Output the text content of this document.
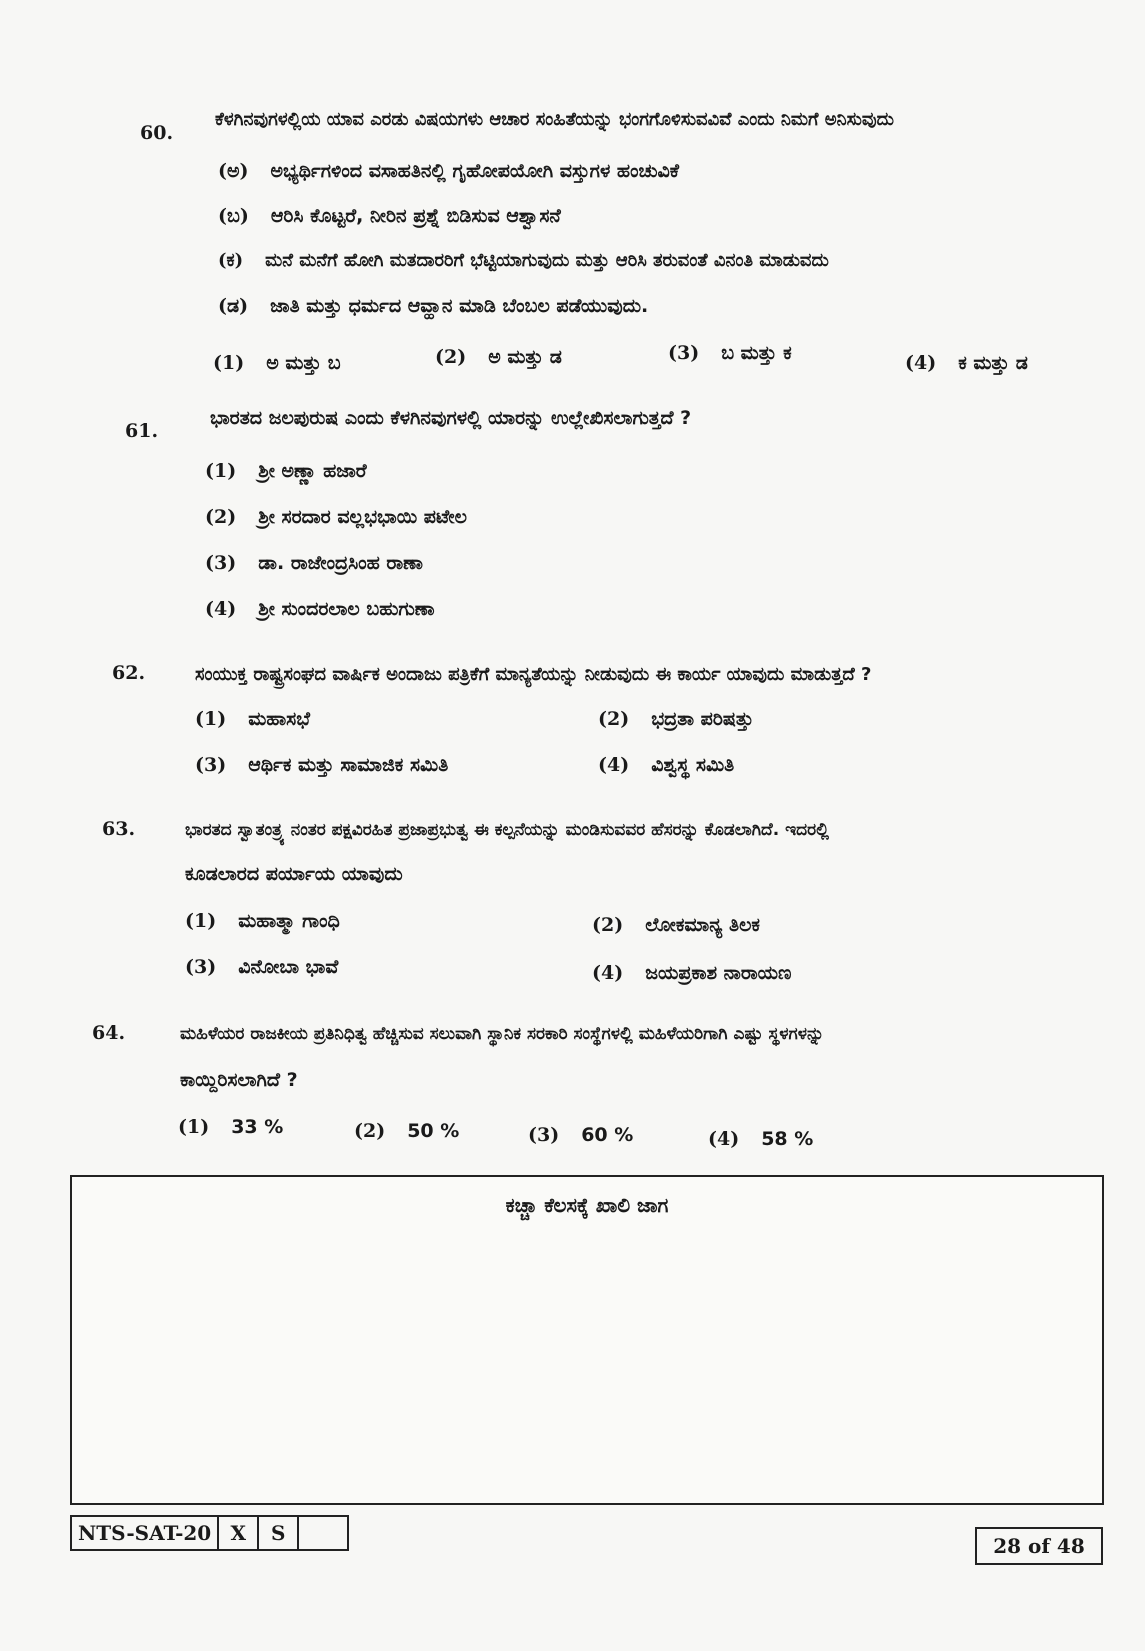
60.
ಕೆಳಗಿನವುಗಳಲ್ಲಿಯ ಯಾವ ಎರಡು ವಿಷಯಗಳು ಆಚಾರ ಸಂಹಿತೆಯನ್ನು ಭಂಗಗೊಳಿಸುವವಿವೆ ಎಂದು ನಿಮಗೆ ಅನಿಸುವುದು
(ಅ) ಅಭ್ಯರ್ಥಿಗಳಿಂದ ವಸಾಹತಿನಲ್ಲಿ ಗೃಹೋಪಯೋಗಿ ವಸ್ತುಗಳ ಹಂಚುವಿಕೆ
(ಬ) ಆರಿಸಿ ಕೊಟ್ಟರೆ, ನೀರಿನ ಪ್ರಶ್ನೆ ಬಿಡಿಸುವ ಆಶ್ವಾಸನೆ
(ಕ) ಮನೆ ಮನೆಗೆ ಹೋಗಿ ಮತದಾರರಿಗೆ ಭೆಟ್ಟಿಯಾಗುವುದು ಮತ್ತು ಆರಿಸಿ ತರುವಂತೆ ವಿನಂತಿ ಮಾಡುವದು
(ಡ) ಜಾತಿ ಮತ್ತು ಧರ್ಮದ ಆವ್ಹಾನ ಮಾಡಿ ಬೆಂಬಲ ಪಡೆಯುವುದು.
(1) ಅ ಮತ್ತು ಬ	(2) ಅ ಮತ್ತು ಡ	(3) ಬ ಮತ್ತು ಕ	(4) ಕ ಮತ್ತು ಡ
61.
ಭಾರತದ ಜಲಪುರುಷ ಎಂದು ಕೆಳಗಿನವುಗಳಲ್ಲಿ ಯಾರನ್ನು ಉಲ್ಲೇಖಿಸಲಾಗುತ್ತದೆ ?
(1) ಶ್ರೀ ಅಣ್ಣಾ ಹಜಾರೆ
(2) ಶ್ರೀ ಸರದಾರ ವಲ್ಲಭಭಾಯಿ ಪಟೇಲ
(3) ಡಾ. ರಾಜೇಂದ್ರಸಿಂಹ ರಾಣಾ
(4) ಶ್ರೀ ಸುಂದರಲಾಲ ಬಹುಗುಣಾ
62.	ಸಂಯುಕ್ತ ರಾಷ್ಟ್ರಸಂಘದ ವಾರ್ಷಿಕ ಅಂದಾಜು ಪತ್ರಿಕೆಗೆ ಮಾನ್ಯತೆಯನ್ನು ನೀಡುವುದು ಈ ಕಾರ್ಯ ಯಾವುದು ಮಾಡುತ್ತದೆ ?
(1) ಮಹಾಸಭೆ	(2) ಭದ್ರತಾ ಪರಿಷತ್ತು
(3) ಆರ್ಥಿಕ ಮತ್ತು ಸಾಮಾಜಿಕ ಸಮಿತಿ	(4) ವಿಶ್ವಸ್ಥ ಸಮಿತಿ
63.	ಭಾರತದ ಸ್ವಾತಂತ್ರ್ಯ ನಂತರ ಪಕ್ಷವಿರಹಿತ ಪ್ರಜಾಪ್ರಭುತ್ವ ಈ ಕಲ್ಪನೆಯನ್ನು ಮಂಡಿಸುವವರ ಹೆಸರನ್ನು ಕೊಡಲಾಗಿದೆ. ಇದರಲ್ಲಿ
ಕೂಡಲಾರದ ಪರ್ಯಾಯ ಯಾವುದು
(1) ಮಹಾತ್ಮಾ ಗಾಂಧಿ	(2) ಲೋಕಮಾನ್ಯ ತಿಲಕ
(3) ವಿನೋಬಾ ಭಾವೆ	(4) ಜಯಪ್ರಕಾಶ ನಾರಾಯಣ
64.	ಮಹಿಳೆಯರ ರಾಜಕೀಯ ಪ್ರತಿನಿಧಿತ್ವ ಹೆಚ್ಚಿಸುವ ಸಲುವಾಗಿ ಸ್ಥಾನಿಕ ಸರಕಾರಿ ಸಂಸ್ಥೆಗಳಲ್ಲಿ ಮಹಿಳೆಯರಿಗಾಗಿ ಎಷ್ಟು ಸ್ಥಳಗಳನ್ನು
ಕಾಯ್ದಿರಿಸಲಾಗಿದೆ ?
(1) 33 %	(2) 50 %	(3) 60 %	(4) 58 %
ಕಚ್ಚಾ ಕೆಲಸಕ್ಕೆ ಖಾಲಿ ಜಾಗ
NTS-SAT-20 X	S
28 of 48
